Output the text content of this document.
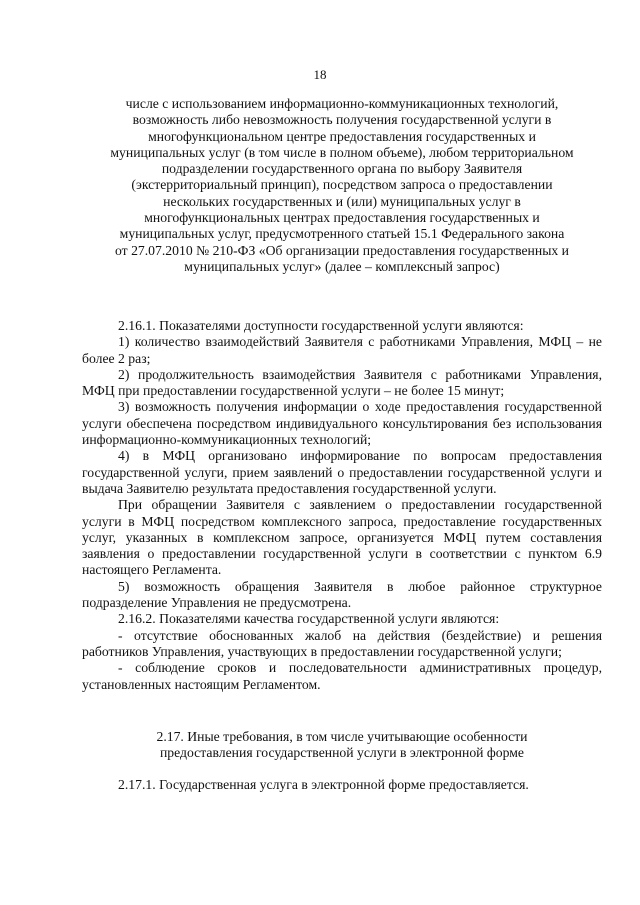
18
числе с использованием информационно-коммуникационных технологий,
возможность либо невозможность получения государственной услуги в
многофункциональном центре предоставления государственных и
муниципальных услуг (в том числе в полном объеме), любом территориальном
подразделении государственного органа по выбору Заявителя
(экстерриториальный принцип), посредством запроса о предоставлении
нескольких государственных и (или) муниципальных услуг в
многофункциональных центрах предоставления государственных и
муниципальных услуг, предусмотренного статьей 15.1 Федерального закона
от 27.07.2010 № 210-ФЗ «Об организации предоставления государственных и
муниципальных услуг» (далее – комплексный запрос)

2.16.1. Показателями доступности государственной услуги являются:

1) количество взаимодействий Заявителя с работниками Управления, МФЦ – не более 2 раз;

2) продолжительность взаимодействия Заявителя с работниками Управления, МФЦ при предоставлении государственной услуги – не более 15 минут;

3) возможность получения информации о ходе предоставления государственной услуги обеспечена посредством индивидуального консультирования без использования информационно-коммуникационных технологий;

4) в МФЦ организовано информирование по вопросам предоставления государственной услуги, прием заявлений о предоставлении государственной услуги и выдача Заявителю результата предоставления государственной услуги.

При обращении Заявителя с заявлением о предоставлении государственной услуги в МФЦ посредством комплексного запроса, предоставление государственных услуг, указанных в комплексном запросе, организуется МФЦ путем составления заявления о предоставлении государственной услуги в соответствии с пунктом 6.9 настоящего Регламента.

5) возможность обращения Заявителя в любое районное структурное подразделение Управления не предусмотрена.

2.16.2. Показателями качества государственной услуги являются:

- отсутствие обоснованных жалоб на действия (бездействие) и решения работников Управления, участвующих в предоставлении государственной услуги;

- соблюдение сроков и последовательности административных процедур, установленных настоящим Регламентом.

2.17. Иные требования, в том числе учитывающие особенности
предоставления государственной услуги в электронной форме
2.17.1. Государственная услуга в электронной форме предоставляется.
